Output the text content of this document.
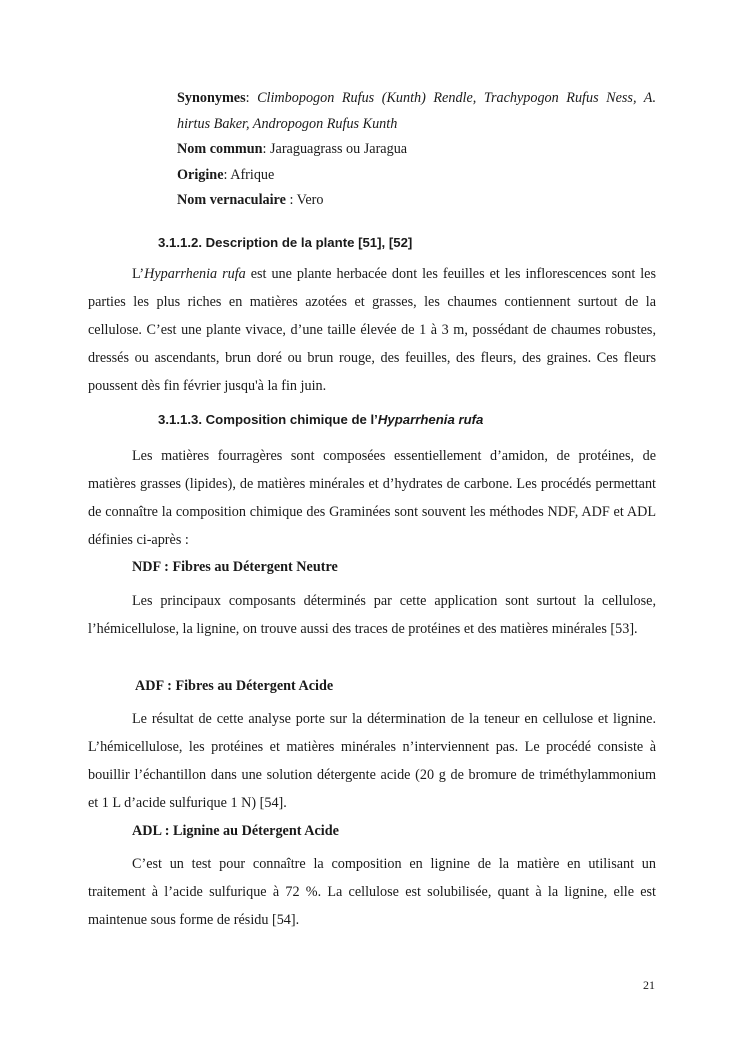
Synonymes: Climbopogon Rufus (Kunth) Rendle, Trachypogon Rufus Ness, A. hirtus Baker, Andropogon Rufus Kunth

Nom commun: Jaraguagrass ou Jaragua

Origine: Afrique

Nom vernaculaire : Vero

3.1.1.2. Description de la plante [51], [52]

L’Hyparrhenia rufa est une plante herbacée dont les feuilles et les inflorescences sont les parties les plus riches en matières azotées et grasses, les chaumes contiennent surtout de la cellulose. C’est une plante vivace, d’une taille élevée de 1 à 3 m, possédant de chaumes robustes, dressés ou ascendants, brun doré ou brun rouge, des feuilles, des fleurs, des graines. Ces fleurs poussent dès fin février jusqu'à la fin juin.

3.1.1.3. Composition chimique de l’Hyparrhenia rufa

Les matières fourragères sont composées essentiellement d’amidon, de protéines, de matières grasses (lipides), de matières minérales et d’hydrates de carbone. Les procédés permettant de connaître la composition chimique des Graminées sont souvent les méthodes NDF, ADF et ADL définies ci-après :

NDF : Fibres au Détergent Neutre

Les principaux composants déterminés par cette application sont surtout la cellulose, l’hémicellulose, la lignine, on trouve aussi des traces de protéines et des matières minérales [53].

ADF : Fibres au Détergent Acide

Le résultat de cette analyse porte sur la détermination de la teneur en cellulose et lignine. L’hémicellulose, les protéines et matières minérales n’interviennent pas. Le procédé consiste à bouillir l’échantillon dans une solution détergente acide (20 g de bromure de triméthylammonium et 1 L d’acide sulfurique 1 N) [54].

ADL : Lignine au Détergent Acide

C’est un test pour connaître la composition en lignine de la matière en utilisant un traitement à l’acide sulfurique à 72 %. La cellulose est solubilisée, quant à la lignine, elle est maintenue sous forme de résidu [54].

21
